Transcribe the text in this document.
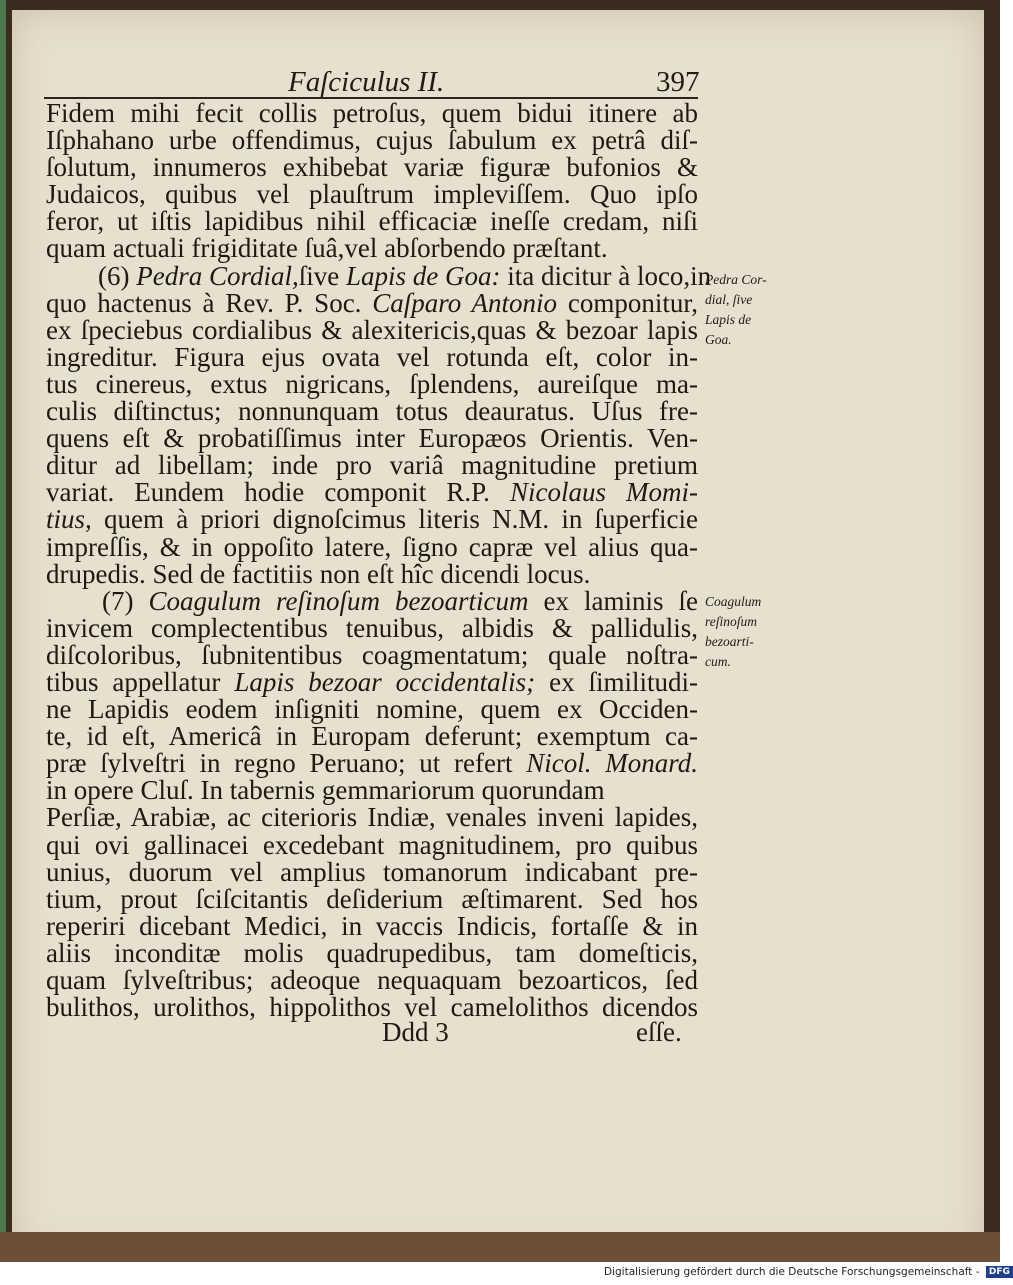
Faſciculus II.	397
Fidem mihi fecit collis petroſus, quem bidui itinere ab
Iſphahano urbe offendimus, cujus ſabulum ex petrâ diſ-
ſolutum, innumeros exhibebat variæ figuræ bufonios &
Judaicos, quibus vel plauſtrum impleviſſem. Quo ipſo
feror, ut iſtis lapidibus nihil efficaciæ ineſſe credam, niſi
quam actuali frigiditate ſuâ,vel abſorbendo præſtant.
(6) Pedra Cordial,ſive Lapis de Goa: ita dicitur à loco,in
quo hactenus à Rev. P. Soc. Caſparo Antonio componitur,
ex ſpeciebus cordialibus & alexitericis,quas & bezoar lapis
ingreditur. Figura ejus ovata vel rotunda eſt, color in-
tus cinereus, extus nigricans, ſplendens, aureiſque ma-
culis diſtinctus; nonnunquam totus deauratus. Uſus fre-
quens eſt & probatiſſimus inter Europæos Orientis. Ven-
ditur ad libellam; inde pro variâ magnitudine pretium
variat. Eundem hodie componit R.P. Nicolaus Momi-
tius, quem à priori dignoſcimus literis N.M. in ſuperficie
impreſſis, & in oppoſito latere, ſigno capræ vel alius qua-
drupedis. Sed de factitiis non eſt hîc dicendi locus.
(7) Coagulum reſinoſum bezoarticum ex laminis ſe
invicem complectentibus tenuibus, albidis & pallidulis,
diſcoloribus, ſubnitentibus coagmentatum; quale noſtra-
tibus appellatur Lapis bezoar occidentalis; ex ſimilitudi-
ne Lapidis eodem inſigniti nomine, quem ex Occiden-
te, id eſt, Americâ in Europam deferunt; exemptum ca-
præ ſylveſtri in regno Peruano; ut refert Nicol. Monard.
in opere Cluſ. In tabernis gemmariorum quorundam
Perſiæ, Arabiæ, ac citerioris Indiæ, venales inveni lapides,
qui ovi gallinacei excedebant magnitudinem, pro quibus
unius, duorum vel amplius tomanorum indicabant pre-
tium, prout ſciſcitantis deſiderium æſtimarent. Sed hos
reperiri dicebant Medici, in vaccis Indicis, fortaſſe & in
aliis inconditæ molis quadrupedibus, tam domeſticis,
quam ſylveſtribus; adeoque nequaquam bezoarticos, ſed
bulithos, urolithos, hippolithos vel camelolithos dicendos
Pedra Cor-
dial, ſive
Lapis de
Goa.
Coagulum
reſinoſum
bezoarti-
cum.
Ddd 3	eſſe.
Digitalisierung gefördert durch die Deutsche Forschungsgemeinschaft - DFG
